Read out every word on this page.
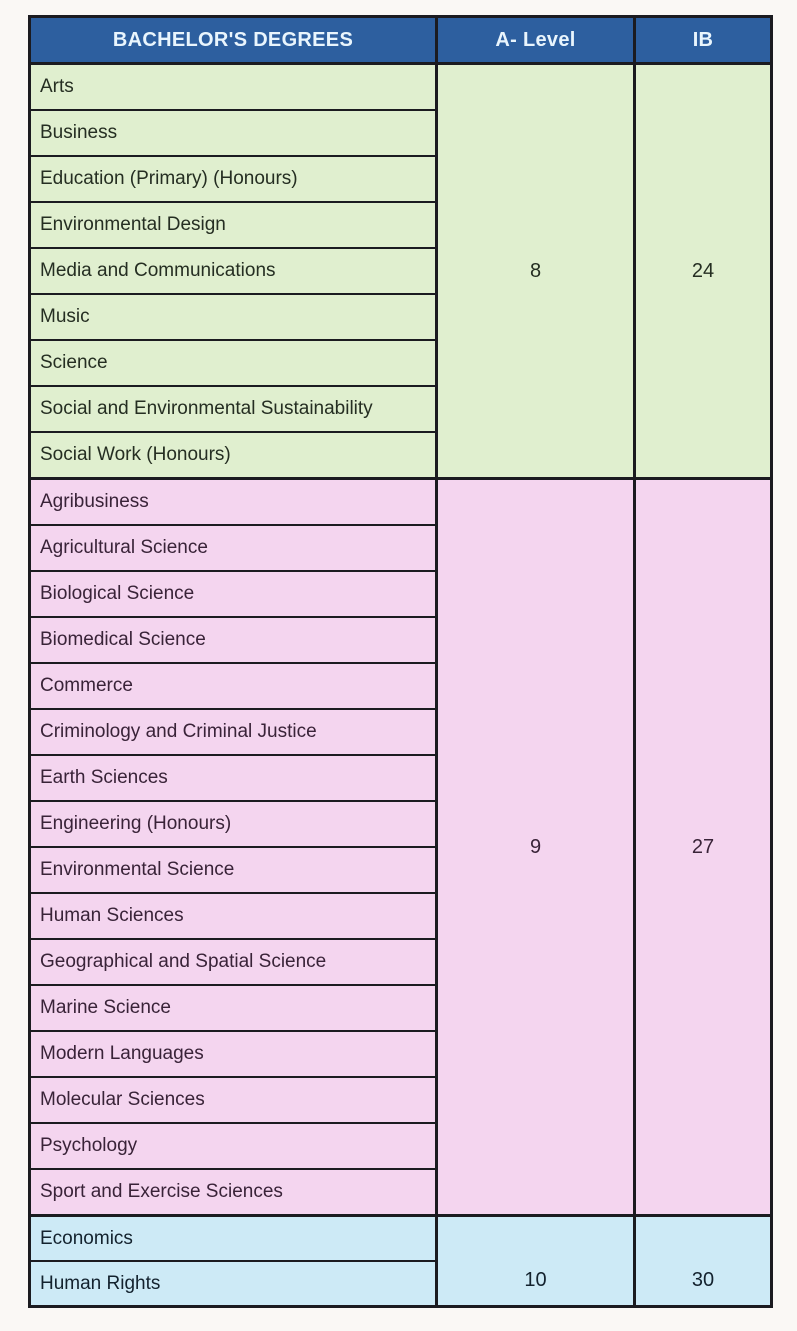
BACHELOR'S DEGREES	A- Level	IB
Arts	8	24
Business		
Education (Primary) (Honours)		
Environmental Design		
Media and Communications		
Music		
Science		
Social and Environmental Sustainability		
Social Work (Honours)		
Agribusiness	9	27
Agricultural Science		
Biological Science		
Biomedical Science		
Commerce		
Criminology and Criminal Justice		
Earth Sciences		
Engineering (Honours)		
Environmental Science		
Human Sciences		
Geographical and Spatial Science		
Marine Science		
Modern Languages		
Molecular Sciences		
Psychology		
Sport and Exercise Sciences		
Economics	10	30
Human Rights		
